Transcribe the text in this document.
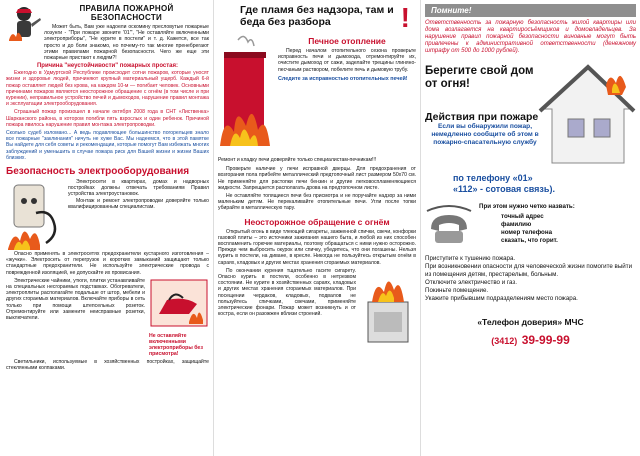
ПРАВИЛА ПОЖАРНОЙ БЕЗОПАСНОСТИ
Может быть, Вам уже надоели оскомину пресловутые пожарные лозунги - "При пожаре звоните '01'", "Не оставляйте включенными электроприборы", "Не курите в постели" и т. д. Кажется, все так просто и до боли знакомо, но почему-то так многие пренебрегают этими правилами пожарной безопасности. Чего же еще эти пожарные пристают к людям?!
Причина "неустойчивости" пожарных простая:
Ежегодно в Удмуртской Республике происходит сотни пожаров, которые уносят жизни и здоровье людей, причиняют крупный материальный ущерб. Каждый 6-й пожар оставляет людей без крова, на каждом 10-м — погибает человек. Основными причинами пожаров являются неосторожное обращение с огнём (в том числе и при курении), неправильное устройство печей и дымоходов, нарушение правил монтажа и эксплуатации электрооборудования.
Страшный пожар произошел в начале октября 2008 года в СНТ «Лиственка» Шарканского района, в котором погибли пять взрослых и один ребенок. Причиной пожара явилось нарушение правил монтажа электропроводки.
Сколько судеб изломано... А ведь подавляющее большинство погорельцев знало все пожарные "заклинания" ничуть не хуже Вас. Мы надеемся, что в этой памятке Вы найдете для себя советы и рекомендации, которые помогут Вам избежать многих заблуждений и уменьшить в случае пожара риск для Вашей жизни и жизни Ваших близких.
Безопасность электрооборудования
Электросети в квартирах, домах и надворных постройках должны отвечать требованиям Правил устройства электроустановок.
Монтаж и ремонт электропроводки доверяйте только квалифицированным специалистам.
Опасно применять в электросетях предохранители кустарного изготовления – «жучки». Электросеть от перегрузок и коротких замыканий защищают только стандартные предохранители. Не используйте электрические провода с поврежденной изоляцией, не допускайте их провисания.
Электрические чайники, утюги, плитки устанавливайте на специальных несгораемых подставках. Обогреватели, электроплиты располагайте подальше от штор, мебели и других сгораемых материалов. Включайте приборы в сеть только при помощи штепсельных розеток. Отремонтируйте или замените неисправные розетки, выключатели.
Не оставляйте включенными электроприборы без присмотра!
Светильники, используемые в хозяйственных постройках, защищайте стеклянными колпаками.
Где пламя без надзора, там и беда без разбора	!
Печное отопление
Перед началом отопительного сезона проверьте исправность печи и дымохода, отремонтируйте их, очистите дымоход от сажи, заделайте трещины глиняно-песчаным раствором, побелите печь и дымовую трубу.
Следите за исправностью отопительных печей!
Ремонт и кладку печи доверяйте только специалистам-печникам!!!
Проверьте наличие у печи исправной дверцы. Для предохранения от возгорания пола прибейте металлический предтопочный лист размером 50х70 см. Не применяйте для растопки печи бензин и другие легковоспламеняющиеся жидкости. Запрещается располагать дрова на предтопочном листе.
Не оставляйте топящиеся печи без присмотра и не поручайте надзор за ними маленьким детям. Не перекаливайте отопительные печи. Угли после топки убирайте в металлическую тару.
Неосторожное обращение с огнём
Открытый огонь в виде тлеющей сигареты, зажженной спички, свечи, конфорки газовой плиты – это источники зажигания нашего быта, и любой из них способен воспламенить горючие материалы, поэтому обращаться с ними нужно осторожно. Прежде чем выбросить окурок или спичку, убедитесь, что они погашены. Нельзя курить в постели, на диване, в кресле. Никогда не пользуйтесь открытым огнём в сараях, кладовых и других местах хранения сгораемых материалов.
По окончании курения тщательно гасите сигарету. Опасно курить в постели, особенно в нетрезвом состоянии. Не курите в хозяйственных сараях, кладовых и других местах хранения сгораемых материалов. При посещении чердаков, кладовых, подвалов не пользуйтесь спичками, свечами, применяйте электрические фонари. Пожар может возникнуть и от костра, если он разожжен вблизи строений.
Помните!
Ответственность за пожарную безопасность жилой квартиры или дома возлагается на квартиросъёмщиков и домовладельцев. За нарушение правил пожарной безопасности виновные могут быть привлечены к административной ответственности (денежному штрафу от 500 до 1000 рублей).
Берегите свой дом от огня!
Действия при пожаре
Если вы обнаружили пожар, немедленно сообщите об этом в пожарно-спасательную службу
по телефону «01»
«112» - сотовая связь).
При этом нужно четко назвать:
точный адрес
фамилию
номер телефона
сказать, что горит.
Приступите к тушению пожара.
При возникновении опасности для человеческой жизни помогите выйти из помещения детям, престарелым, больным.
Отключите электричество и газ.
Покиньте помещение.
Укажите прибывшим подразделениям место пожара.
«Телефон доверия» МЧС
(3412) 39-99-99
